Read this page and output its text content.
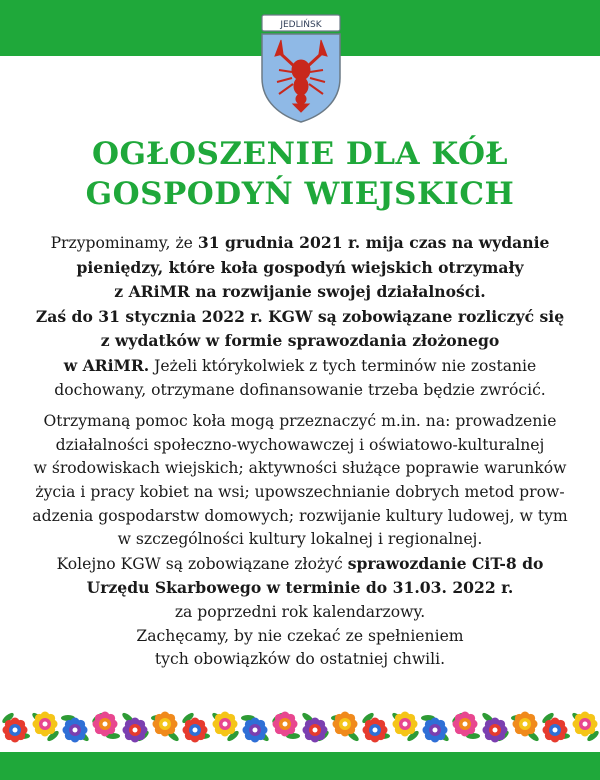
JEDLIŃSK
OGŁOSZENIE DLA KÓŁ
GOSPODYŃ WIEJSKICH

Przypominamy, że 31 grudnia 2021 r. mija czas na wydanie
pieniędzy, które koła gospodyń wiejskich otrzymały
z ARiMR na rozwijanie swojej działalności.
Zaś do 31 stycznia 2022 r. KGW są zobowiązane rozliczyć się
z wydatków w formie sprawozdania złożonego
w ARiMR. Jeżeli którykolwiek z tych terminów nie zostanie
dochowany, otrzymane dofinansowanie trzeba będzie zwrócić.

Otrzymaną pomoc koła mogą przeznaczyć m.in. na: prowadzenie
działalności społeczno-wychowawczej i oświatowo-kulturalnej
w środowiskach wiejskich; aktywności służące poprawie warunków
życia i pracy kobiet na wsi; upowszechnianie dobrych metod prow-
adzenia gospodarstw domowych; rozwijanie kultury ludowej, w tym
w szczególności kultury lokalnej i regionalnej.

Kolejno KGW są zobowiązane złożyć sprawozdanie CiT-8 do
Urzędu Skarbowego w terminie do 31.03. 2022 r.
za poprzedni rok kalendarzowy.

Zachęcamy, by nie czekać ze spełnieniem
tych obowiązków do ostatniej chwili.
